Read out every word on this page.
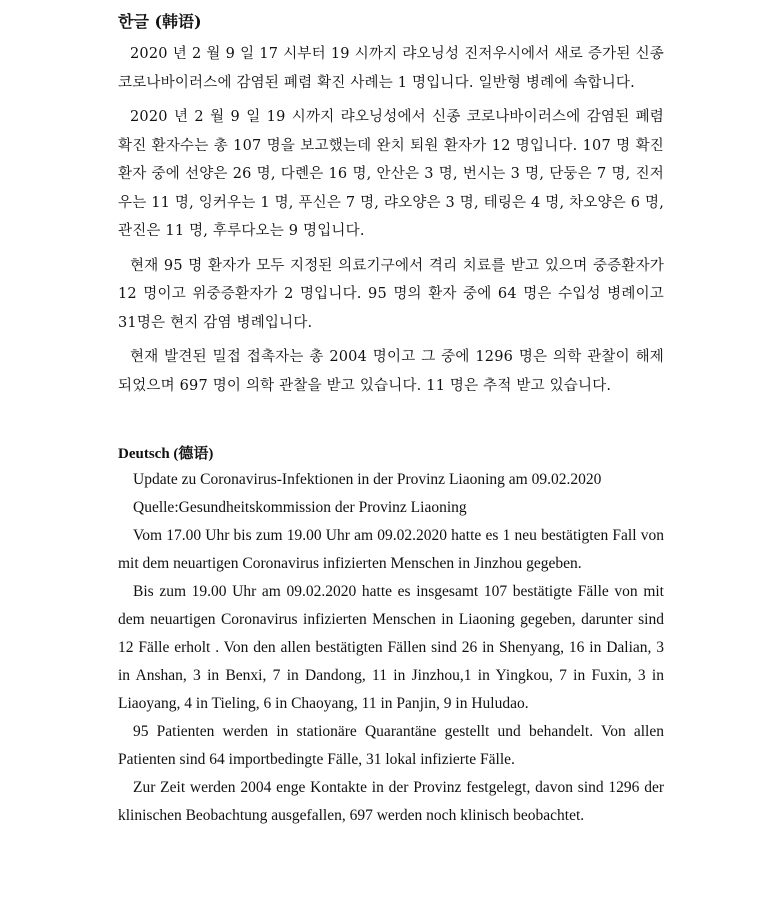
한글 (韩语)

2020 년 2 월 9 일 17 시부터 19 시까지 랴오닝성 진저우시에서 새로 증가된 신종 코로나바이러스에 감염된 폐렴 확진 사례는 1 명입니다. 일반형 병례에 속합니다.

2020 년 2 월 9 일 19 시까지 랴오닝성에서 신종 코로나바이러스에 감염된 폐렴 확진 환자수는 총 107 명을 보고했는데 완치 퇴원 환자가 12 명입니다. 107 명 확진 환자 중에 선양은 26 명, 다롄은 16 명, 안산은 3 명, 번시는 3 명, 단둥은 7 명, 진저우는 11 명, 잉커우는 1 명, 푸신은 7 명, 랴오양은 3 명, 테링은 4 명, 차오양은 6 명, 관진은 11 명, 후루다오는 9 명입니다.

현재 95 명 환자가 모두 지정된 의료기구에서 격리 치료를 받고 있으며 중증환자가 12 명이고 위중증환자가 2 명입니다. 95 명의 환자 중에 64 명은 수입성 병례이고 31명은 현지 감염 병례입니다.

현재 발견된 밀접 접촉자는 총 2004 명이고 그 중에 1296 명은 의학 관찰이 해제되었으며 697 명이 의학 관찰을 받고 있습니다. 11 명은 추적 받고 있습니다.

Deutsch (德语)

Update zu Coronavirus-Infektionen in der Provinz Liaoning am 09.02.2020

Quelle:Gesundheitskommission der Provinz Liaoning

Vom 17.00 Uhr bis zum 19.00 Uhr am 09.02.2020 hatte es 1 neu bestätigten Fall von mit dem neuartigen Coronavirus infizierten Menschen in Jinzhou gegeben.

Bis zum 19.00 Uhr am 09.02.2020 hatte es insgesamt 107 bestätigte Fälle von mit dem neuartigen Coronavirus infizierten Menschen in Liaoning gegeben, darunter sind 12 Fälle erholt . Von den allen bestätigten Fällen sind 26 in Shenyang, 16 in Dalian, 3 in Anshan, 3 in Benxi, 7 in Dandong, 11 in Jinzhou,1 in Yingkou, 7 in Fuxin, 3 in Liaoyang, 4 in Tieling, 6 in Chaoyang, 11 in Panjin, 9 in Huludao.

95 Patienten werden in stationäre Quarantäne gestellt und behandelt. Von allen Patienten sind 64 importbedingte Fälle, 31 lokal infizierte Fälle.

Zur Zeit werden 2004 enge Kontakte in der Provinz festgelegt, davon sind 1296 der klinischen Beobachtung ausgefallen, 697 werden noch klinisch beobachtet.
